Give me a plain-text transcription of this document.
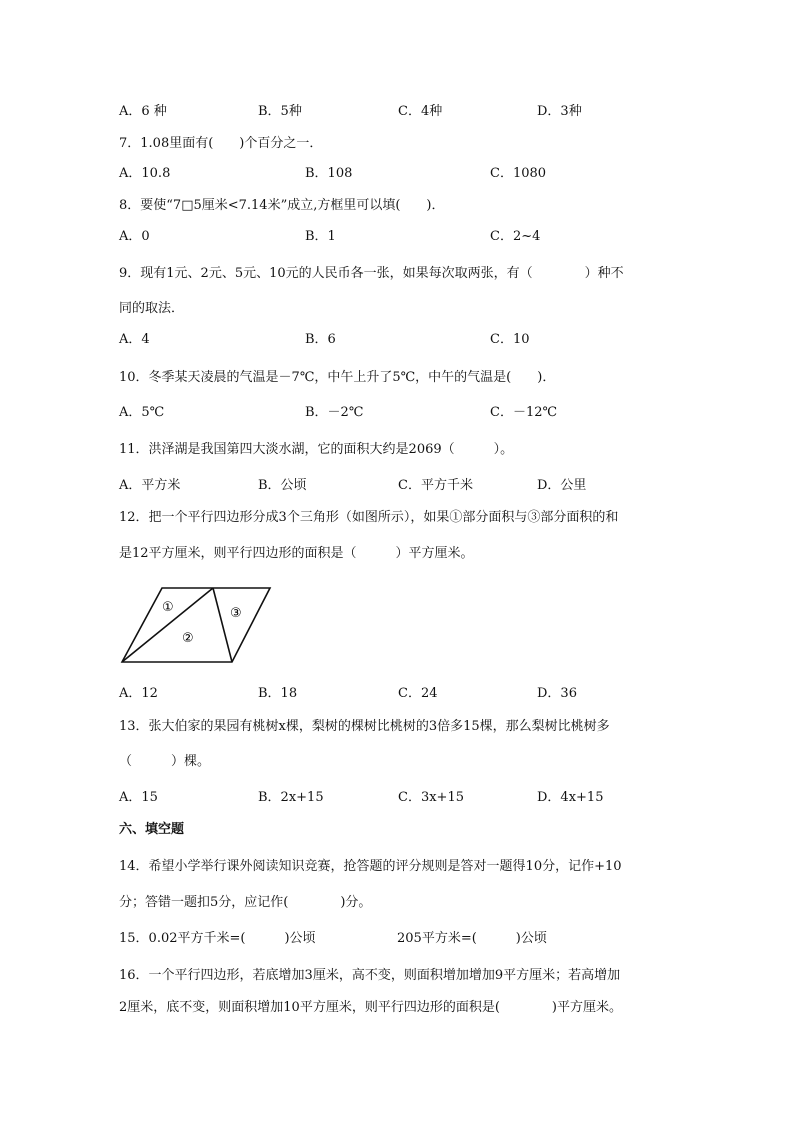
A．6 种	B．5种	C．4种	D．3种
7．1.08里面有(　　)个百分之一．
A．10.8	B．108	C．1080
8．要使“7□5厘米<7.14米”成立,方框里可以填(　　)．
A．0	B．1	C．2~4
9．现有1元、2元、5元、10元的人民币各一张，如果每次取两张，有（　　　　）种不
同的取法．
A．4	B．6	C．10
10．冬季某天凌晨的气温是－7℃，中午上升了5℃，中午的气温是(　　)．
A．5℃	B．－2℃	C．－12℃
11．洪泽湖是我国第四大淡水湖，它的面积大约是2069（　　　）。
A．平方米	B．公顷	C．平方千米	D．公里
12．把一个平行四边形分成3个三角形（如图所示），如果①部分面积与③部分面积的和
是12平方厘米，则平行四边形的面积是（　　　）平方厘米。
①
②
③
A．12	B．18	C．24	D．36
13．张大伯家的果园有桃树x棵，梨树的棵树比桃树的3倍多15棵，那么梨树比桃树多
（　　　）棵。
A．15	B．2x+15	C．3x+15	D．4x+15
六、填空题
14．希望小学举行课外阅读知识竞赛，抢答题的评分规则是答对一题得10分，记作+10
分；答错一题扣5分，应记作(　　　　)分。
15．0.02平方千米=(　　　)公顷	205平方米=(　　　)公顷
16．一个平行四边形，若底增加3厘米，高不变，则面积增加增加9平方厘米；若高增加
2厘米，底不变，则面积增加10平方厘米，则平行四边形的面积是(　　　　)平方厘米。
